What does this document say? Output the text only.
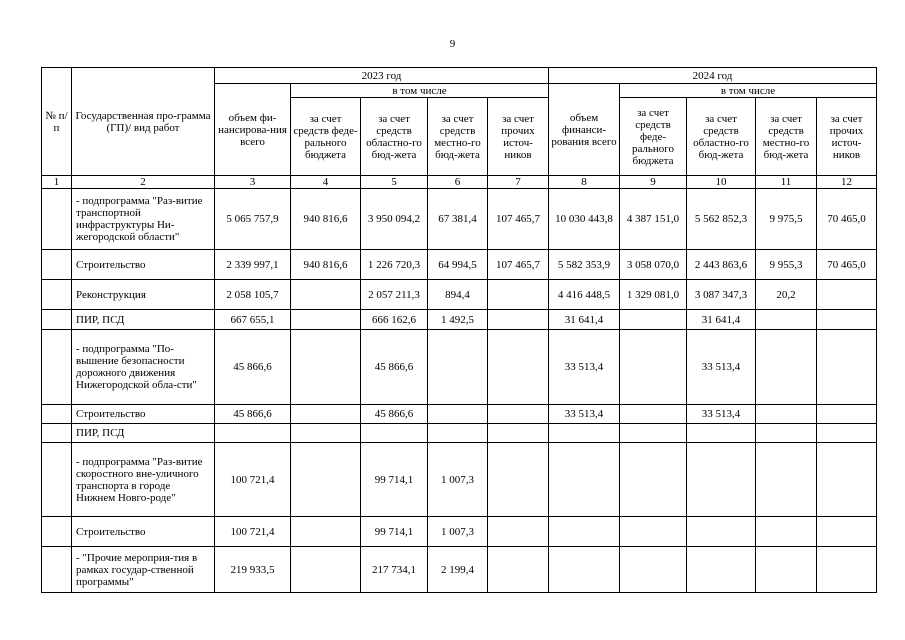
9
№ п/п	Государственная про-грамма (ГП)/ вид работ	2023 год					2024 год				
		объем фи-нансирова-ния всего	в том числе				объем финанси-рования всего	в том числе			
			за счет средств феде-рального бюджета	за счет средств областно-го бюд-жета	за счет средств местно-го бюд-жета	за счет прочих источ-ников		за счет средств феде-рального бюджета	за счет средств областно-го бюд-жета	за счет средств местно-го бюд-жета	за счет прочих источ-ников
1	2	3	4	5	6	7	8	9	10	11	12
	- подпрограмма "Раз-витие транспортной инфраструктуры Ни-жегородской области"	5 065 757,9	940 816,6	3 950 094,2	67 381,4	107 465,7	10 030 443,8	4 387 151,0	5 562 852,3	9 975,5	70 465,0
	Строительство	2 339 997,1	940 816,6	1 226 720,3	64 994,5	107 465,7	5 582 353,9	3 058 070,0	2 443 863,6	9 955,3	70 465,0
	Реконструкция	2 058 105,7		2 057 211,3	894,4		4 416 448,5	1 329 081,0	3 087 347,3	20,2	
	ПИР, ПСД	667 655,1		666 162,6	1 492,5		31 641,4		31 641,4		
	- подпрограмма "По-вышение безопасности дорожного движения Нижегородской обла-сти"	45 866,6		45 866,6			33 513,4		33 513,4		
	Строительство	45 866,6		45 866,6			33 513,4		33 513,4		
	ПИР, ПСД										
	- подпрограмма "Раз-витие скоростного вне-уличного транспорта в городе Нижнем Новго-роде"	100 721,4		99 714,1	1 007,3						
	Строительство	100 721,4		99 714,1	1 007,3						
	- "Прочие мероприя-тия в рамках государ-ственной программы"	219 933,5		217 734,1	2 199,4						
